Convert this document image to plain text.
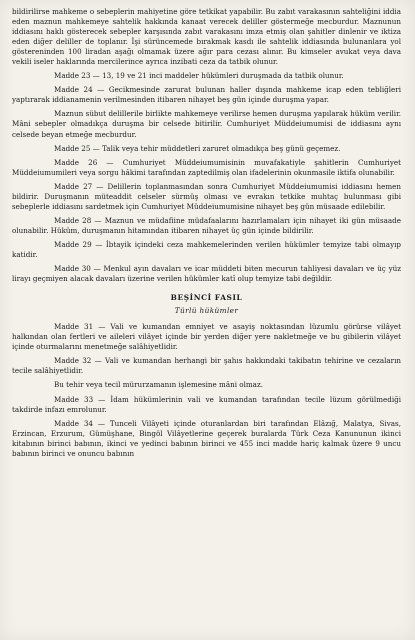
bildirilirse mahkeme o sebeplerin mahiyetine göre tetkikat yapabilir. Bu zabıt varakasının sahteliğini iddia eden maznun mahkemeye sahtelik hakkında kanaat verecek deliller göstermeğe mecburdur. Maznunun iddiasını haklı gösterecek sebepler karşısında zabıt varakasını imza etmiş olan şahitler dinlenir ve iktiza eden diğer deliller de toplanır. İşi sürüncemede bırakmak kasdı ile sahtelik iddiasında bulunanlara yol göstereninden 100 liradan aşağı olmamak üzere ağır para cezası alınır. Bu kimseler avukat veya dava vekili iseler haklarında mercilerince ayrıca inzibati ceza da tatbik olunur.

Madde 23 — 13, 19 ve 21 inci maddeler hükümleri duruşmada da tatbik olunur.

Madde 24 — Gecikmesinde zarurat bulunan haller dışında mahkeme icap eden tebliğleri yaptırarak iddianamenin verilmesinden itibaren nihayet beş gün içinde duruşma yapar.

Maznun sübut delillerile birlikte mahkemeye verilirse hemen duruşma yapılarak hüküm verilir. Mâni sebepler olmadıkça duruşma bir celsede bitirilir. Cumhuriyet Müddeiumumisi de iddiasını aynı celsede beyan etmeğe mecburdur.

Madde 25 — Talik veya tehir müddetleri zaruret olmadıkça beş günü geçemez.

Madde 26 — Cumhuriyet Müddeiumumisinin muvafakatiyle şahitlerin Cumhuriyet Müddeiumumileri veya sorgu hâkimi tarafından zaptedilmiş olan ifadelerinin okunmasile iktifa olunabilir.

Madde 27 — Delillerin toplanmasından sonra Cumhuriyet Müddeiumumisi iddiasını hemen bildirir. Duruşmanın müteaddit celseler sürmüş olması ve evrakın tetkike muhtaç bulunması gibi sebeplerle iddiasını sardetmek için Cumhuriyet Müddeiumumisine nihayet beş gün müsaade edilebilir.

Madde 28 — Maznun ve müdafiine müdafaalarını hazırlamaları için nihayet iki gün müsaade olunabilir. Hüküm, duruşmanın hitamından itibaren nihayet üç gün içinde bildirilir.

Madde 29 — İbtayik içindeki ceza mahkemelerinden verilen hükümler temyize tabi olmayıp katidir.

Madde 30 — Menkul ayın davaları ve icar müddeti biten mecurun tahliyesi davaları ve üç yüz lirayı geçmiyen alacak davaları üzerine verilen hükümler katî olup temyize tabi değildir.

BEŞİNCİ FASIL
Türlü hükümler

Madde 31 — Vali ve kumandan emniyet ve asayiş noktasından lüzumlu görürse vilâyet halkından olan fertleri ve aileleri vilâyet içinde bir yerden diğer yere nakletmeğe ve bu gibilerin vilâyet içinde oturmalarını menetmeğe salâhiyetlidir.

Madde 32 — Vali ve kumandan herhangi bir şahıs hakkındaki takibatın tehirine ve cezaların tecile salâhiyetlidir.

Bu tehir veya tecil mürurzamanın işlemesine mâni olmaz.

Madde 33 — İdam hükümlerinin vali ve kumandan tarafından tecile lüzum görülmediği takdirde infazı emrolunur.

Madde 34 — Tunceli Vilâyeti içinde oturanlardan biri tarafından Elâzığ, Malatya, Sivas, Erzincan, Erzurum, Gümüşhane, Bingöl Vilâyetlerine geçerek buralarda Türk Ceza Kanununun ikinci kitabının birinci babının, ikinci ve yedinci babının birinci ve 455 inci madde hariç kalmak üzere 9 uncu babının birinci ve onuncu babının
